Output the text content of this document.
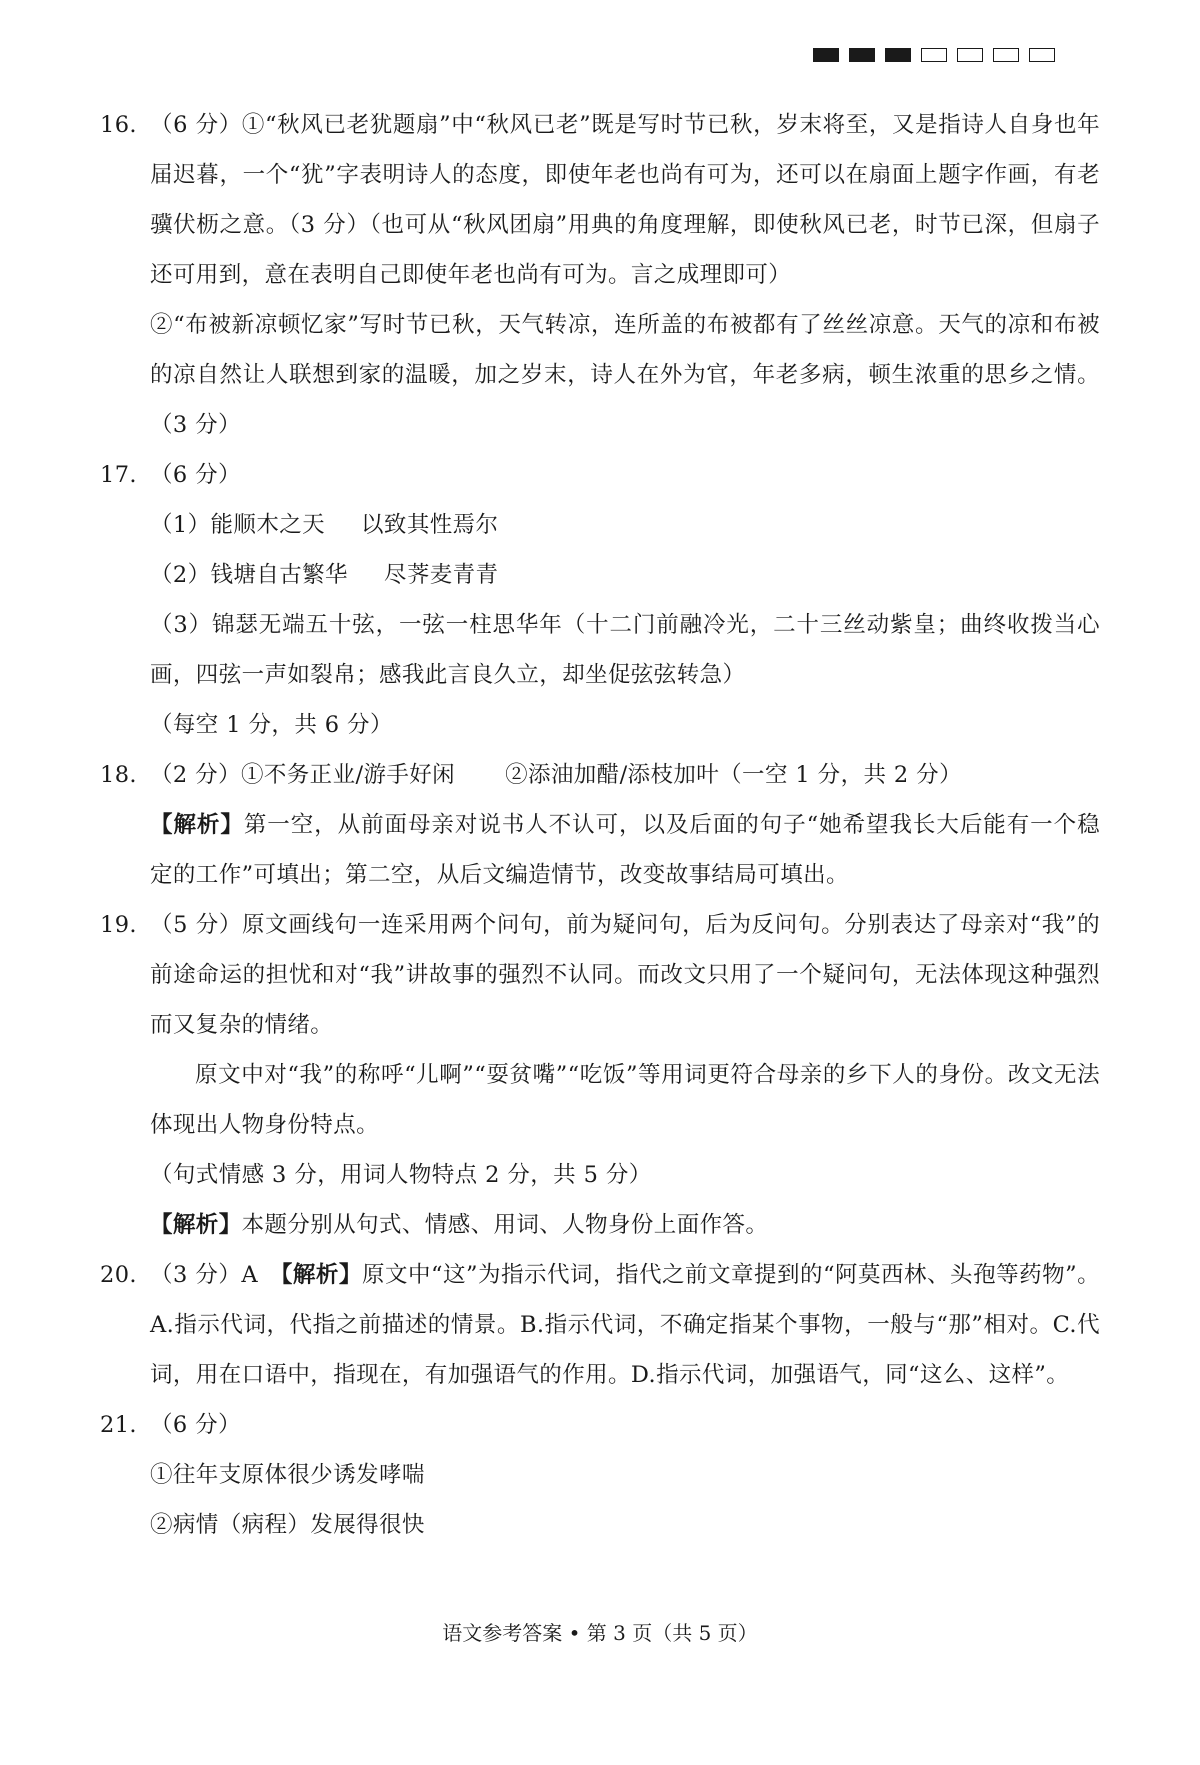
16. （6 分）①“秋风已老犹题扇”中“秋风已老”既是写时节已秋，岁末将至，又是指诗人自身也年届迟暮，一个“犹”字表明诗人的态度，即使年老也尚有可为，还可以在扇面上题字作画，有老骥伏枥之意。（3 分）（也可从“秋风团扇”用典的角度理解，即使秋风已老，时节已深，但扇子还可用到，意在表明自己即使年老也尚有可为。言之成理即可）

②“布被新凉顿忆家”写时节已秋，天气转凉，连所盖的布被都有了丝丝凉意。天气的凉和布被的凉自然让人联想到家的温暖，加之岁末，诗人在外为官，年老多病，顿生浓重的思乡之情。（3 分）

17. （6 分）

（1）能顺木之天 以致其性焉尔

（2）钱塘自古繁华 尽荠麦青青

（3）锦瑟无端五十弦，一弦一柱思华年（十二门前融冷光，二十三丝动紫皇；曲终收拨当心画，四弦一声如裂帛；感我此言良久立，却坐促弦弦转急）

（每空 1 分，共 6 分）

18. （2 分）①不务正业/游手好闲 ②添油加醋/添枝加叶（一空 1 分，共 2 分）

【解析】第一空，从前面母亲对说书人不认可，以及后面的句子“她希望我长大后能有一个稳定的工作”可填出；第二空，从后文编造情节，改变故事结局可填出。

19. （5 分）原文画线句一连采用两个问句，前为疑问句，后为反问句。分别表达了母亲对“我”的前途命运的担忧和对“我”讲故事的强烈不认同。而改文只用了一个疑问句，无法体现这种强烈而又复杂的情绪。

原文中对“我”的称呼“儿啊”“耍贫嘴”“吃饭”等用词更符合母亲的乡下人的身份。改文无法体现出人物身份特点。

（句式情感 3 分，用词人物特点 2 分，共 5 分）

【解析】本题分别从句式、情感、用词、人物身份上面作答。

20. （3 分）A　【解析】原文中“这”为指示代词，指代之前文章提到的“阿莫西林、头孢等药物”。A.指示代词，代指之前描述的情景。B.指示代词，不确定指某个事物，一般与“那”相对。C.代词，用在口语中，指现在，有加强语气的作用。D.指示代词，加强语气，同“这么、这样”。
21. （6 分）

①往年支原体很少诱发哮喘

②病情（病程）发展得很快

语文参考答案 • 第 3 页（共 5 页）
